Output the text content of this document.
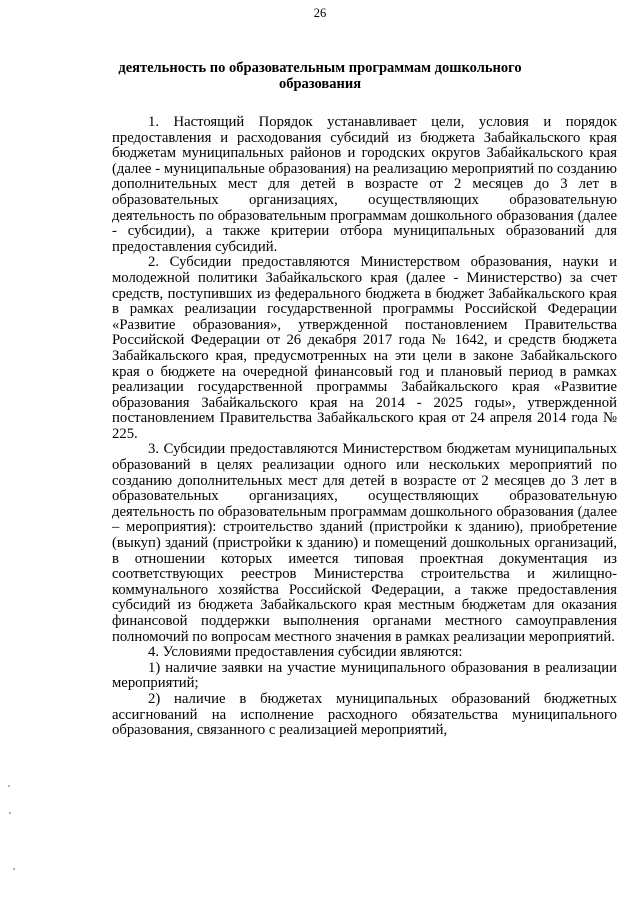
26
деятельность по образовательным программам дошкольного образования

1. Настоящий Порядок устанавливает цели, условия и порядок предоставления и расходования субсидий из бюджета Забайкальского края бюджетам муниципальных районов и городских округов Забайкальского края (далее - муниципальные образования) на реализацию мероприятий по созданию дополнительных мест для детей в возрасте от 2 месяцев до 3 лет в образовательных организациях, осуществляющих образовательную деятельность по образовательным программам дошкольного образования (далее - субсидии), а также критерии отбора муниципальных образований для предоставления субсидий.

2. Субсидии предоставляются Министерством образования, науки и молодежной политики Забайкальского края (далее - Министерство) за счет средств, поступивших из федерального бюджета в бюджет Забайкальского края в рамках реализации государственной программы Российской Федерации «Развитие образования», утвержденной постановлением Правительства Российской Федерации от 26 декабря 2017 года № 1642, и средств бюджета Забайкальского края, предусмотренных на эти цели в законе Забайкальского края о бюджете на очередной финансовый год и плановый период в рамках реализации государственной программы Забайкальского края «Развитие образования Забайкальского края на 2014 - 2025 годы», утвержденной постановлением Правительства Забайкальского края от 24 апреля 2014 года № 225.

3. Субсидии предоставляются Министерством бюджетам муниципальных образований в целях реализации одного или нескольких мероприятий по созданию дополнительных мест для детей в возрасте от 2 месяцев до 3 лет в образовательных организациях, осуществляющих образовательную деятельность по образовательным программам дошкольного образования (далее – мероприятия): строительство зданий (пристройки к зданию), приобретение (выкуп) зданий (пристройки к зданию) и помещений дошкольных организаций, в отношении которых имеется типовая проектная документация из соответствующих реестров Министерства строительства и жилищно-коммунального хозяйства Российской Федерации, а также предоставления субсидий из бюджета Забайкальского края местным бюджетам для оказания финансовой поддержки выполнения органами местного самоуправления полномочий по вопросам местного значения в рамках реализации мероприятий.

4. Условиями предоставления субсидии являются:

1) наличие заявки на участие муниципального образования в реализации мероприятий;

2) наличие в бюджетах муниципальных образований бюджетных ассигнований на исполнение расходного обязательства муниципального образования, связанного с реализацией мероприятий,
